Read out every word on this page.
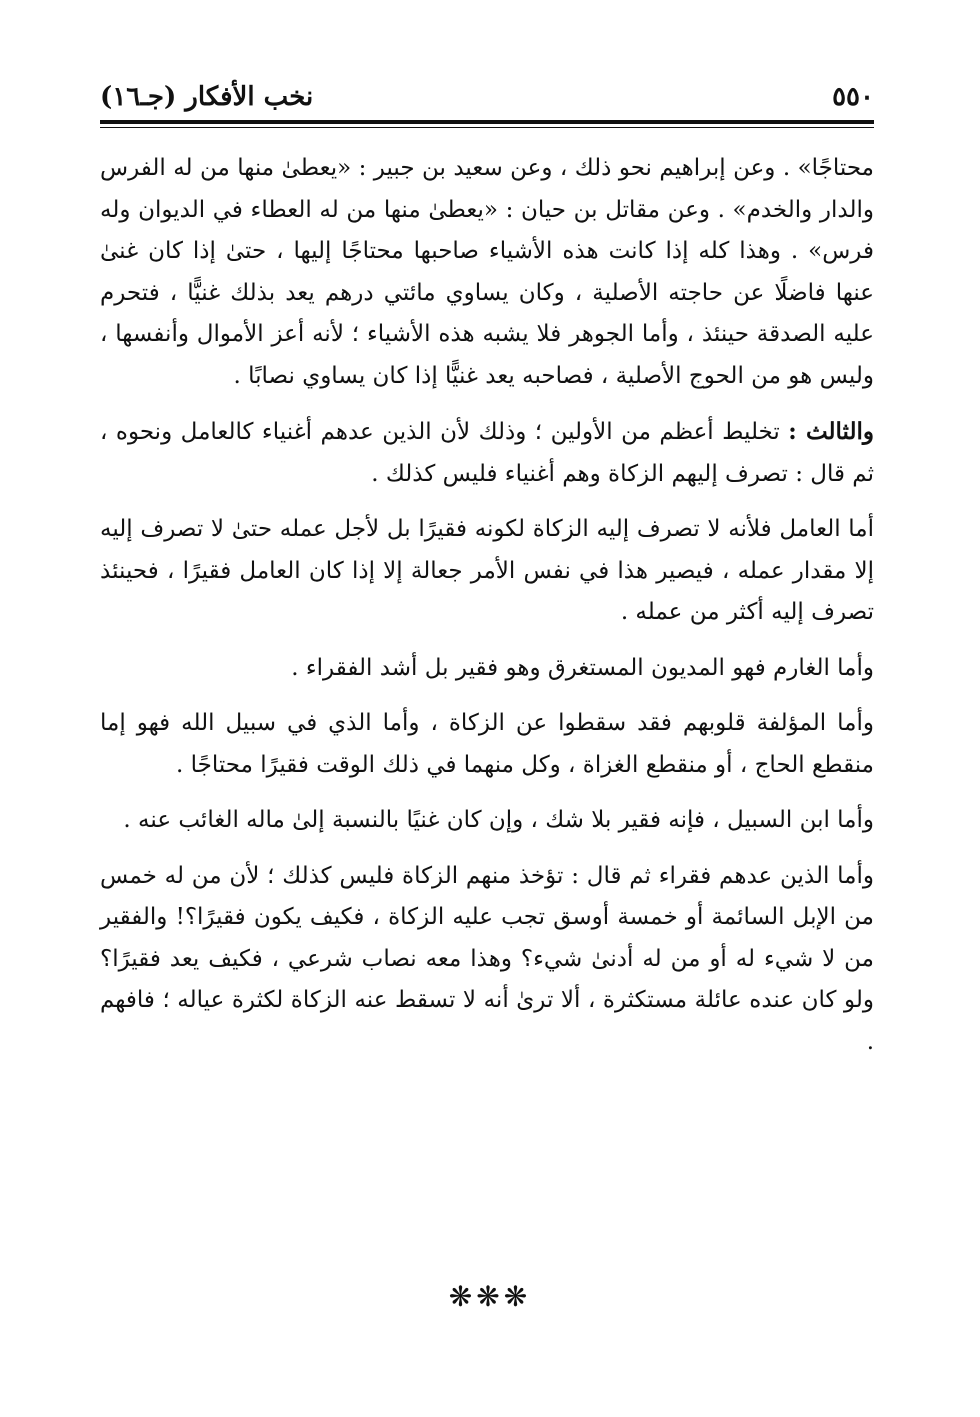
٥٥٠
نخب الأفكار (جـ١٦)

محتاجًا» . وعن إبراهيم نحو ذلك ، وعن سعيد بن جبير : «يعطىٰ منها من له الفرس والدار والخدم» . وعن مقاتل بن حيان : «يعطىٰ منها من له العطاء في الديوان وله فرس» . وهذا كله إذا كانت هذه الأشياء صاحبها محتاجًا إليها ، حتىٰ إذا كان غنىٰ عنها فاضلًا عن حاجته الأصلية ، وكان يساوي مائتي درهم يعد بذلك غنيًّا ، فتحرم عليه الصدقة حينئذ ، وأما الجوهر فلا يشبه هذه الأشياء ؛ لأنه أعز الأموال وأنفسها ، وليس هو من الحوج الأصلية ، فصاحبه يعد غنيًّا إذا كان يساوي نصابًا .

والثالث : تخليط أعظم من الأولين ؛ وذلك لأن الذين عدهم أغنياء كالعامل ونحوه ، ثم قال : تصرف إليهم الزكاة وهم أغنياء فليس كذلك .

أما العامل فلأنه لا تصرف إليه الزكاة لكونه فقيرًا بل لأجل عمله حتىٰ لا تصرف إليه إلا مقدار عمله ، فيصير هذا في نفس الأمر جعالة إلا إذا كان العامل فقيرًا ، فحينئذ تصرف إليه أكثر من عمله .

وأما الغارم فهو المديون المستغرق وهو فقير بل أشد الفقراء .

وأما المؤلفة قلوبهم فقد سقطوا عن الزكاة ، وأما الذي في سبيل الله فهو إما منقطع الحاج ، أو منقطع الغزاة ، وكل منهما في ذلك الوقت فقيرًا محتاجًا .

وأما ابن السبيل ، فإنه فقير بلا شك ، وإن كان غنيًا بالنسبة إلىٰ ماله الغائب عنه .

وأما الذين عدهم فقراء ثم قال : تؤخذ منهم الزكاة فليس كذلك ؛ لأن من له خمس من الإبل السائمة أو خمسة أوسق تجب عليه الزكاة ، فكيف يكون فقيرًا؟! والفقير من لا شيء له أو من له أدنىٰ شيء؟ وهذا معه نصاب شرعي ، فكيف يعد فقيرًا؟ ولو كان عنده عائلة مستكثرة ، ألا ترىٰ أنه لا تسقط عنه الزكاة لكثرة عياله ؛ فافهم .

❋❋❋
